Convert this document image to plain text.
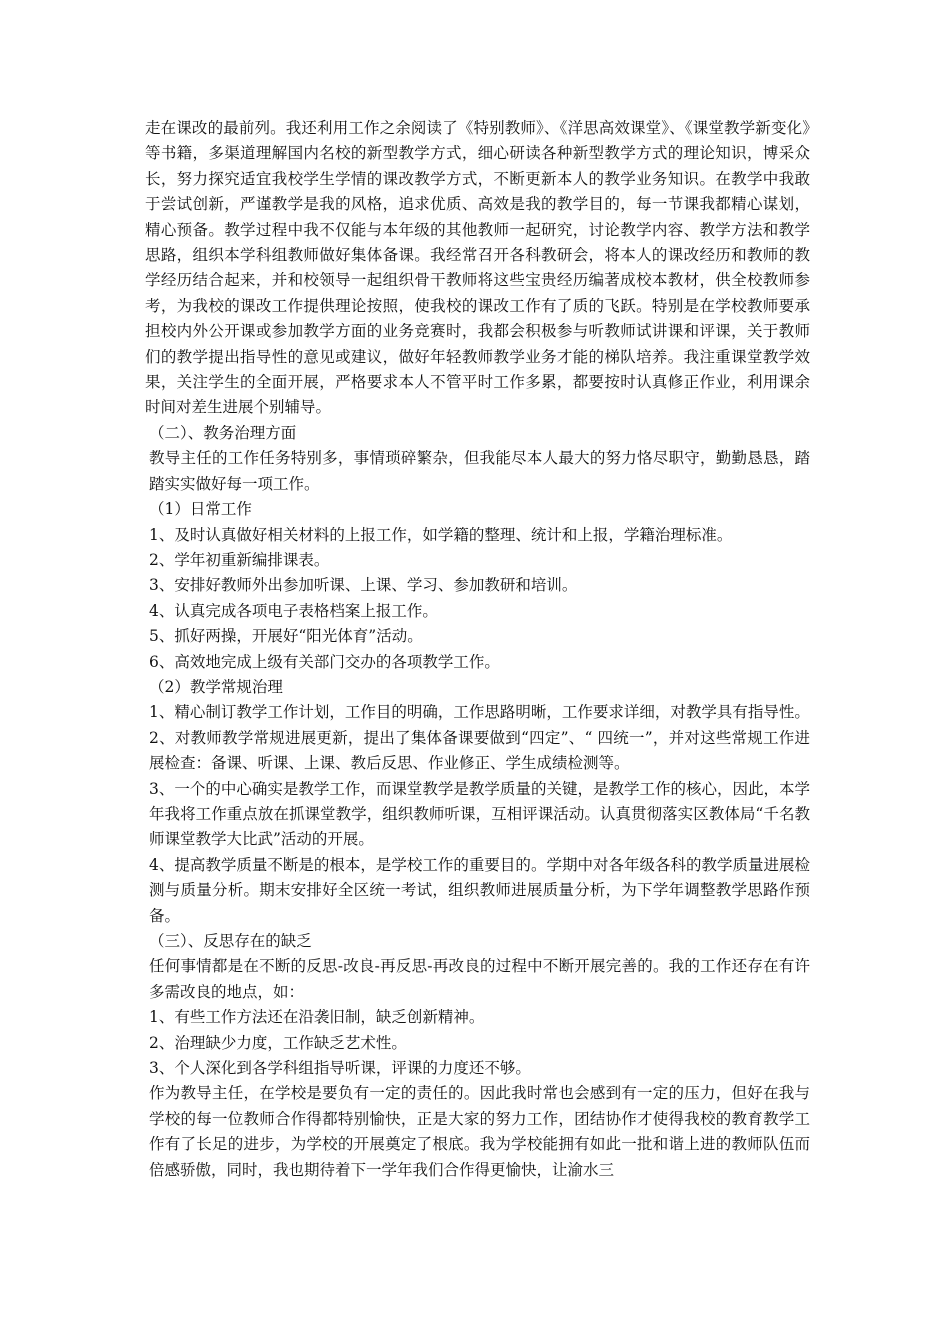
走在课改的最前列。我还利用工作之余阅读了《特别教师》、《洋思高效课堂》、《课堂教学新变化》等书籍，多渠道理解国内名校的新型教学方式，细心研读各种新型教学方式的理论知识，博采众长，努力探究适宜我校学生学情的课改教学方式，不断更新本人的教学业务知识。在教学中我敢于尝试创新，严谨教学是我的风格，追求优质、高效是我的教学目的，每一节课我都精心谋划，精心预备。教学过程中我不仅能与本年级的其他教师一起研究，讨论教学内容、教学方法和教学思路，组织本学科组教师做好集体备课。我经常召开各科教研会，将本人的课改经历和教师的教学经历结合起来，并和校领导一起组织骨干教师将这些宝贵经历编著成校本教材，供全校教师参考，为我校的课改工作提供理论按照，使我校的课改工作有了质的飞跃。特别是在学校教师要承担校内外公开课或参加教学方面的业务竞赛时，我都会积极参与听教师试讲课和评课，关于教师们的教学提出指导性的意见或建议，做好年轻教师教学业务才能的梯队培养。我注重课堂教学效果，关注学生的全面开展，严格要求本人不管平时工作多累，都要按时认真修正作业，利用课余时间对差生进展个别辅导。

（二）、教务治理方面

教导主任的工作任务特别多，事情琐碎繁杂，但我能尽本人最大的努力恪尽职守，勤勤恳恳，踏踏实实做好每一项工作。

（1）日常工作

1、及时认真做好相关材料的上报工作，如学籍的整理、统计和上报，学籍治理标准。

2、学年初重新编排课表。

3、安排好教师外出参加听课、上课、学习、参加教研和培训。

4、认真完成各项电子表格档案上报工作。

5、抓好两操，开展好“阳光体育”活动。

6、高效地完成上级有关部门交办的各项教学工作。

（2）教学常规治理

1、精心制订教学工作计划，工作目的明确，工作思路明晰，工作要求详细，对教学具有指导性。

2、对教师教学常规进展更新，提出了集体备课要做到“四定”、“ 四统一”，并对这些常规工作进展检查：备课、听课、上课、教后反思、作业修正、学生成绩检测等。

3、一个的中心确实是教学工作，而课堂教学是教学质量的关键，是教学工作的核心，因此，本学年我将工作重点放在抓课堂教学，组织教师听课，互相评课活动。认真贯彻落实区教体局“千名教师课堂教学大比武”活动的开展。

4、提高教学质量不断是的根本，是学校工作的重要目的。学期中对各年级各科的教学质量进展检测与质量分析。期末安排好全区统一考试，组织教师进展质量分析，为下学年调整教学思路作预备。

（三）、反思存在的缺乏

任何事情都是在不断的反思-改良-再反思-再改良的过程中不断开展完善的。我的工作还存在有许多需改良的地点，如：

1、有些工作方法还在沿袭旧制，缺乏创新精神。

2、治理缺少力度，工作缺乏艺术性。

3、个人深化到各学科组指导听课，评课的力度还不够。

作为教导主任，在学校是要负有一定的责任的。因此我时常也会感到有一定的压力，但好在我与学校的每一位教师合作得都特别愉快，正是大家的努力工作，团结协作才使得我校的教育教学工作有了长足的进步，为学校的开展奠定了根底。我为学校能拥有如此一批和谐上进的教师队伍而倍感骄傲，同时，我也期待着下一学年我们合作得更愉快，让渝水三
